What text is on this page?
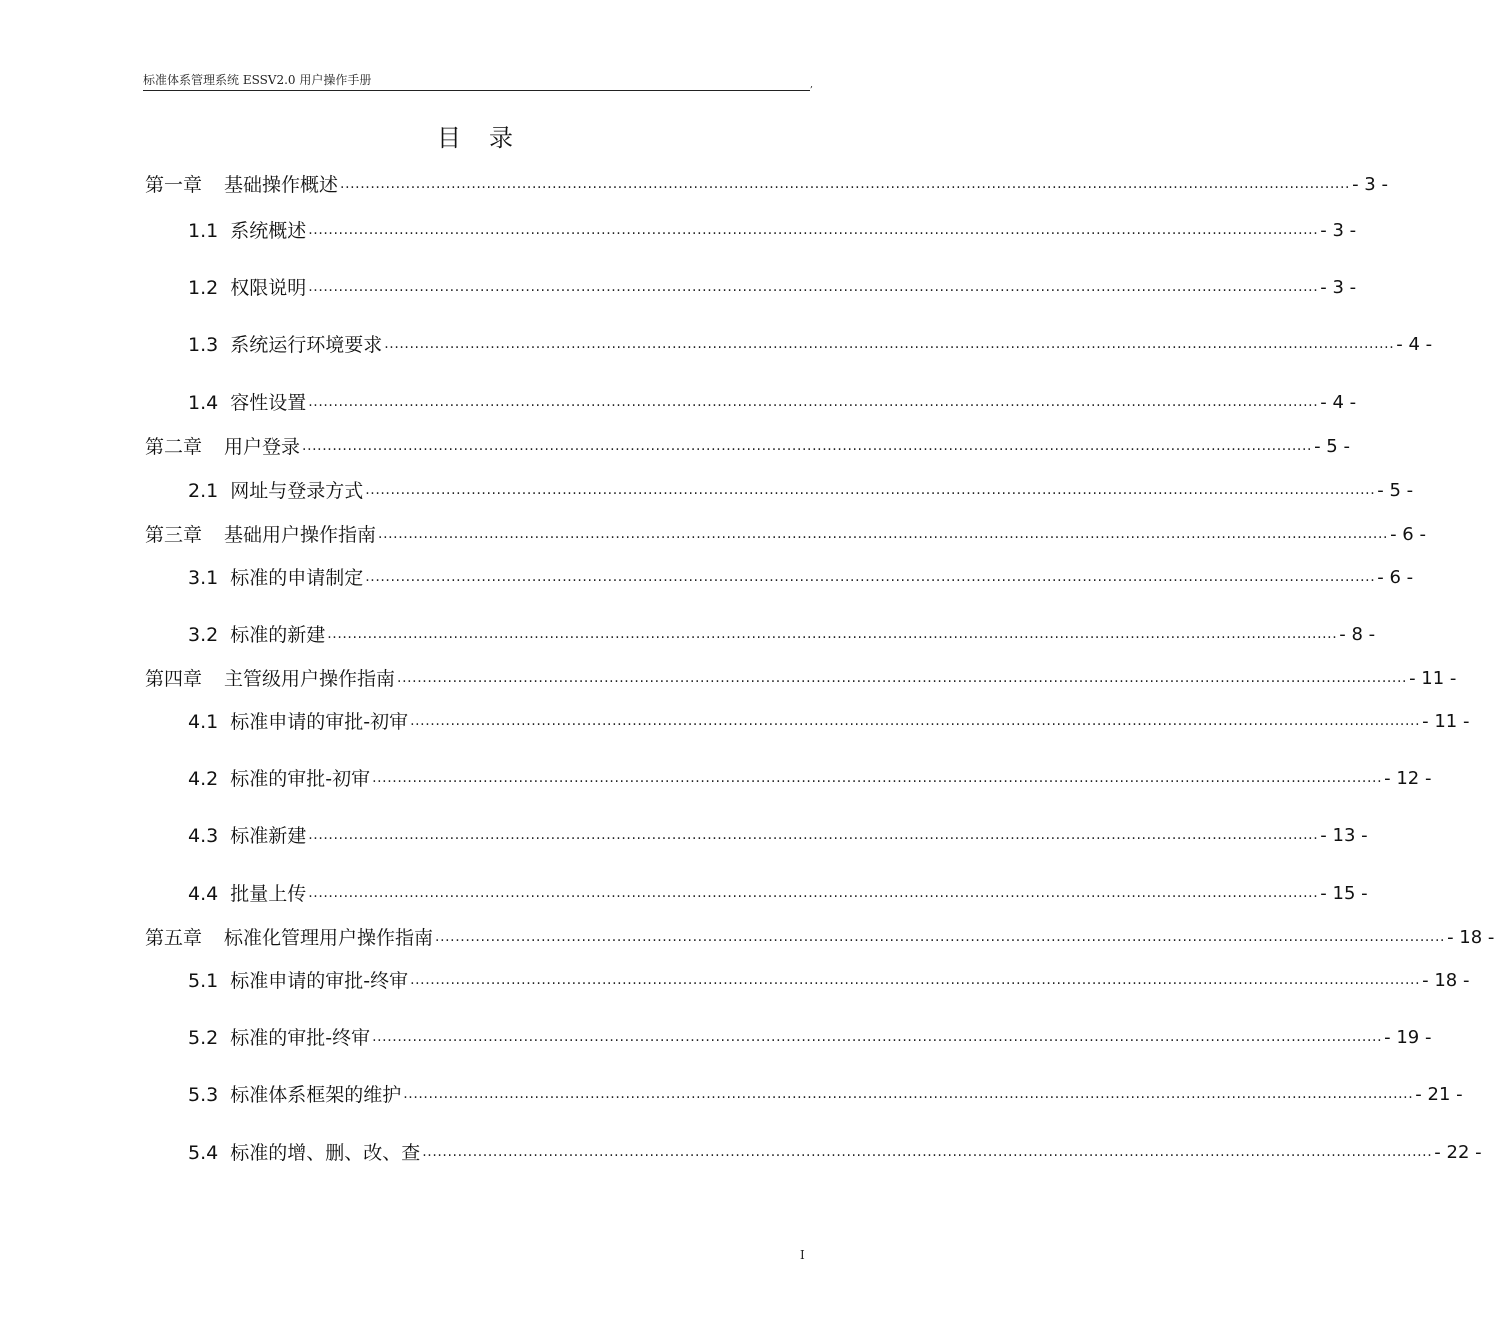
标准体系管理系统 ESSV2.0 用户操作手册	,
目 录
第一章 基础操作概述 ........................................................................................................................................................................................................ - 3 -
1.1 系统概述 ........................................................................................................................................................................................................ - 3 -
1.2 权限说明 ........................................................................................................................................................................................................ - 3 -
1.3 系统运行环境要求 ........................................................................................................................................................................................................ - 4 -
1.4 容性设置 ........................................................................................................................................................................................................ - 4 -
第二章 用户登录 ........................................................................................................................................................................................................ - 5 -
2.1 网址与登录方式 ........................................................................................................................................................................................................ - 5 -
第三章 基础用户操作指南 ........................................................................................................................................................................................................ - 6 -
3.1 标准的申请制定 ........................................................................................................................................................................................................ - 6 -
3.2 标准的新建 ........................................................................................................................................................................................................ - 8 -
第四章 主管级用户操作指南 ........................................................................................................................................................................................................ - 11 -
4.1 标准申请的审批-初审 ........................................................................................................................................................................................................ - 11 -
4.2 标准的审批-初审 ........................................................................................................................................................................................................ - 12 -
4.3 标准新建 ........................................................................................................................................................................................................ - 13 -
4.4 批量上传 ........................................................................................................................................................................................................ - 15 -
第五章 标准化管理用户操作指南 ........................................................................................................................................................................................................ - 18 -
5.1 标准申请的审批-终审 ........................................................................................................................................................................................................ - 18 -
5.2 标准的审批-终审 ........................................................................................................................................................................................................ - 19 -
5.3 标准体系框架的维护 ........................................................................................................................................................................................................ - 21 -
5.4 标准的增、删、改、查 ........................................................................................................................................................................................................ - 22 -
I
